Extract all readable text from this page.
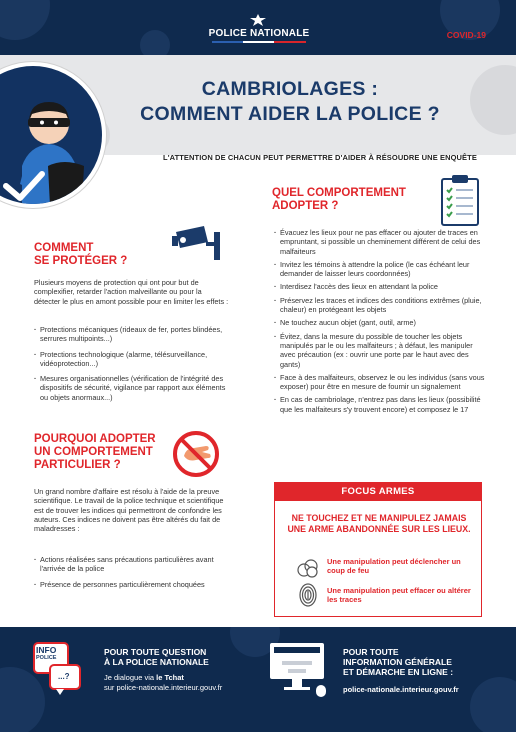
POLICE NATIONALE	COVID-19
CAMBRIOLAGES :
COMMENT AIDER LA POLICE ?
L'ATTENTION DE CHACUN PEUT PERMETTRE D'AIDER À RÉSOUDRE UNE ENQUÊTE
COMMENT
SE PROTÉGER ?
Plusieurs moyens de protection qui ont pour but de complexifier, retarder l'action malveillante ou pour la détecter le plus en amont possible pour en limiter les effets :
· Protections mécaniques (rideaux de fer, portes blindées, serrures multipoints...)
· Protections technologique (alarme, télésurveillance, vidéoprotection...)
· Mesures organisationnelles (vérification de l'intégrité des dispositifs de sécurité, vigilance par rapport aux éléments ou objets anormaux...)
POURQUOI ADOPTER
UN COMPORTEMENT
PARTICULIER ?
Un grand nombre d'affaire est résolu à l'aide de la preuve scientifique. Le travail de la police technique et scientifique est de trouver les indices qui permettront de confondre les auteurs. Ces indices ne doivent pas être altérés du fait de maladresses :
· Actions réalisées sans précautions particulières avant l'arrivée de la police
· Présence de personnes particulièrement choquées
QUEL COMPORTEMENT
ADOPTER ?
· Évacuez les lieux pour ne pas effacer ou ajouter de traces en empruntant, si possible un cheminement différent de celui des malfaiteurs
· Invitez les témoins à attendre la police (le cas échéant leur demander de laisser leurs coordonnées)
· Interdisez l'accès des lieux en attendant la police
· Préservez les traces et indices des conditions extrêmes (pluie, chaleur) en protégeant les objets
· Ne touchez aucun objet (gant, outil, arme)
· Évitez, dans la mesure du possible de toucher les objets manipulés par le ou les malfaiteurs ; à défaut, les manipuler avec précaution (ex : ouvrir une porte par le haut avec des gants)
· Face à des malfaiteurs, observez le ou les individus (sans vous exposer) pour être en mesure de fournir un signalement
· En cas de cambriolage, n'entrez pas dans les lieux (possibilité que les malfaiteurs s'y trouvent encore) et composez le 17
FOCUS ARMES
NE TOUCHEZ ET NE MANIPULEZ JAMAIS UNE ARME ABANDONNÉE SUR LES LIEUX.
Une manipulation peut déclencher un coup de feu
Une manipulation peut effacer ou altérer les traces
INFO
POLICE
...?
POUR TOUTE QUESTION
À LA POLICE NATIONALE
Je dialogue via le Tchat
sur police-nationale.interieur.gouv.fr
POUR TOUTE
INFORMATION GÉNÉRALE
ET DÉMARCHE EN LIGNE :
police-nationale.interieur.gouv.fr
